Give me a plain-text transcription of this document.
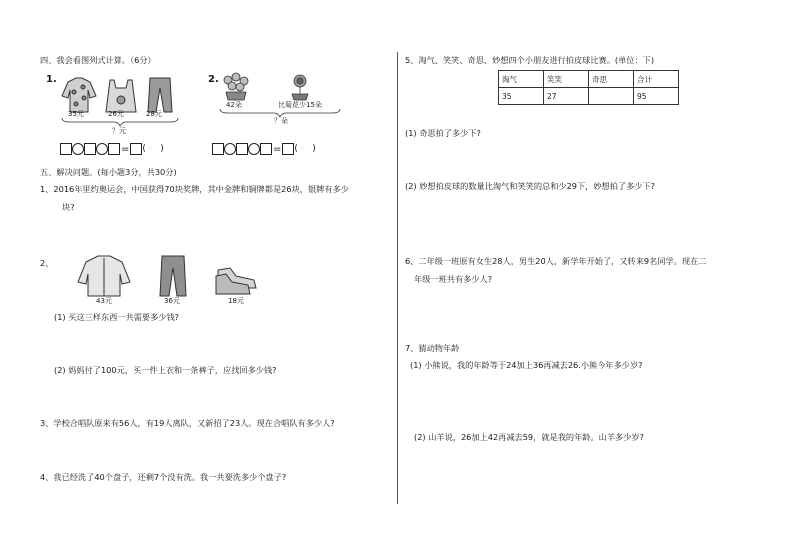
四、我会看图列式计算。（6分）
1.
35元	26元	28元
？元
2.
42朵	比菊花少15朵
？朵
= (     )	= (     )
五、解决问题。(每小题3分，共30分)
1、2016年里约奥运会，中国获得70块奖牌，其中金牌和铜牌都是26块，银牌有多少
块?
2、
43元	36元	18元
(1) 买这三样东西一共需要多少钱?
(2) 妈妈付了100元，买一件上衣和一条裤子，应找回多少钱?
3、学校合唱队原来有56人，有19人离队，又新招了23人。现在合唱队有多少人?
4、我已经洗了40个盘子，还剩7个没有洗。我一共要洗多少个盘子?
5、淘气、笑笑、奇思、妙想四个小朋友进行拍皮球比赛。(单位：下)
淘气	笑笑	奇思	合计
35	27		95
(1) 奇思拍了多少下?
(2) 妙想拍皮球的数量比淘气和笑笑的总和少29下，妙想拍了多少下?
6、二年级一班原有女生28人，男生20人，新学年开始了，又转来9名同学。现在二
年级一班共有多少人?
7、猜动物年龄
(1) 小熊说，我的年龄等于24加上36再减去26.小熊今年多少岁?
(2) 山羊说，26加上42再减去59，就是我的年龄。山羊多少岁?
